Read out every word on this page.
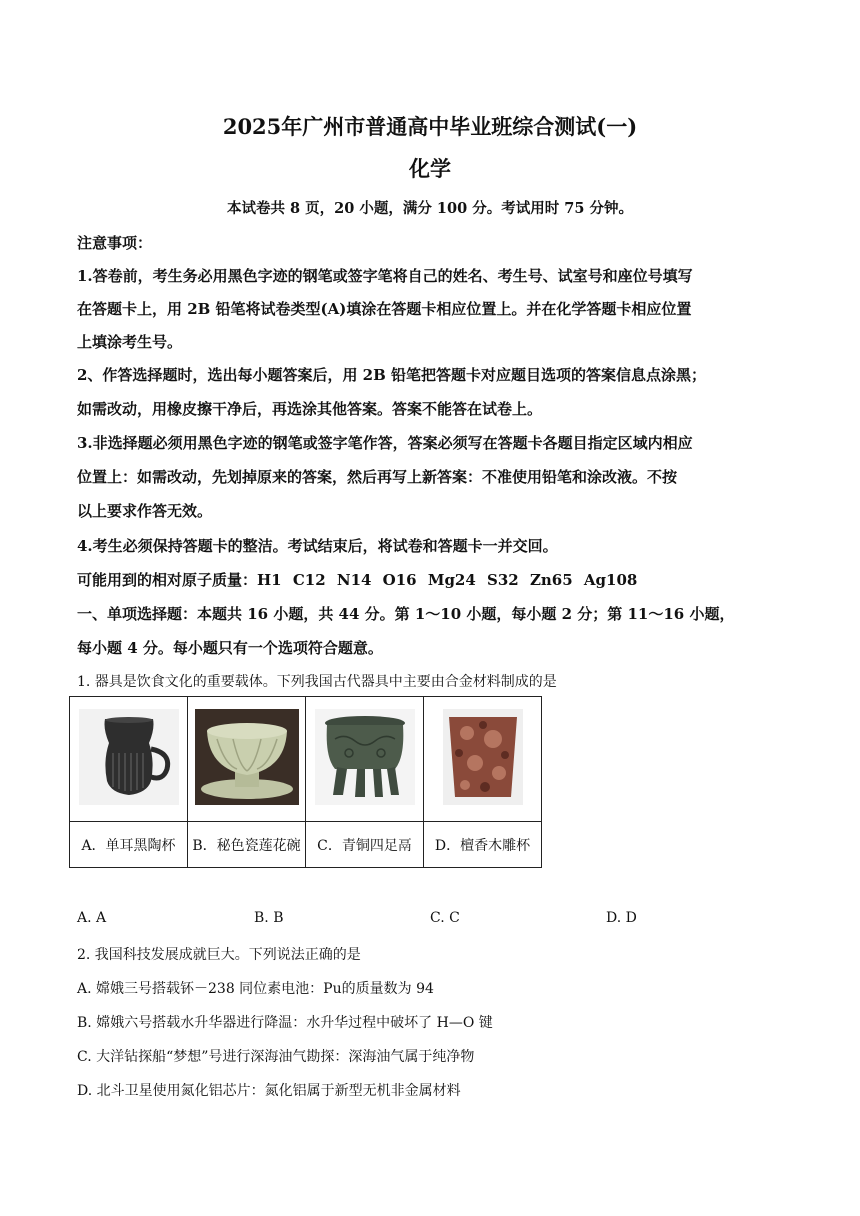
2025年广州市普通高中毕业班综合测试(一)
化学
本试卷共 8 页，20 小题，满分 100 分。考试用时 75 分钟。
注意事项：
1.答卷前，考生务必用黑色字迹的钢笔或签字笔将自己的姓名、考生号、试室号和座位号填写
在答题卡上，用 2B 铅笔将试卷类型(A)填涂在答题卡相应位置上。并在化学答题卡相应位置
上填涂考生号。
2、作答选择题时，选出每小题答案后，用 2B 铅笔把答题卡对应题目选项的答案信息点涂黑；
如需改动，用橡皮擦干净后，再选涂其他答案。答案不能答在试卷上。
3.非选择题必须用黑色字迹的钢笔或签字笔作答，答案必须写在答题卡各题目指定区域内相应
位置上：如需改动，先划掉原来的答案，然后再写上新答案：不准使用铅笔和涂改液。不按
以上要求作答无效。
4.考生必须保持答题卡的整洁。考试结束后，将试卷和答题卡一并交回。
可能用到的相对原子质量：H1 C12 N14 O16 Mg24 S32 Zn65 Ag108
一、单项选择题：本题共 16 小题，共 44 分。第 1～10 小题，每小题 2 分；第 11～16 小题，
每小题 4 分。每小题只有一个选项符合题意。
1. 器具是饮食文化的重要载体。下列我国古代器具中主要由合金材料制成的是

A．单耳黑陶杯	B．秘色瓷莲花碗	C．青铜四足鬲	D．檀香木雕杯
A. A	B. B	C. C	D. D
2. 我国科技发展成就巨大。下列说法正确的是
A. 嫦娥三号搭载钚－238 同位素电池：Pu的质量数为 94
B. 嫦娥六号搭载水升华器进行降温：水升华过程中破坏了 H—O 键
C. 大洋钻探船“梦想”号进行深海油气勘探：深海油气属于纯净物
D. 北斗卫星使用氮化铝芯片：氮化铝属于新型无机非金属材料
